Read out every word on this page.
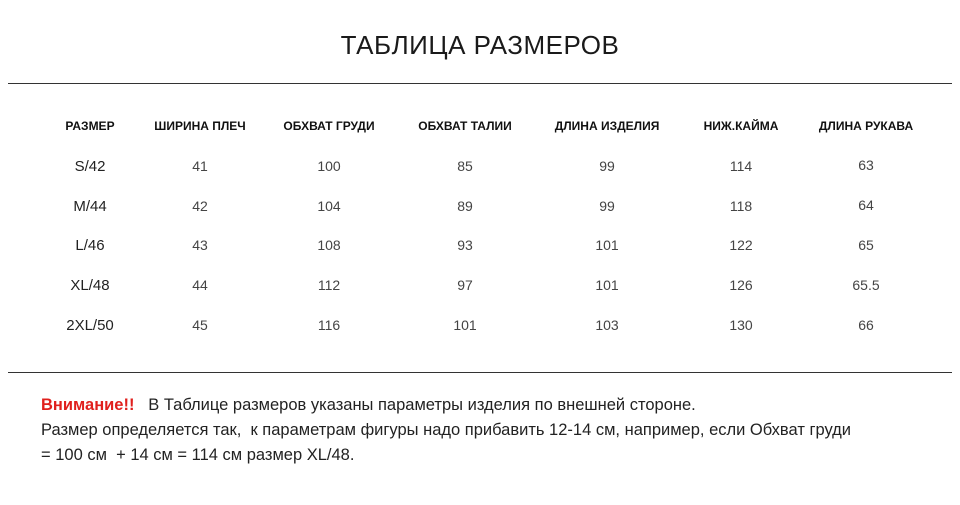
ТАБЛИЦА РАЗМЕРОВ
РАЗМЕР	ШИРИНА ПЛЕЧ	ОБХВАТ ГРУДИ	ОБХВАТ ТАЛИИ	ДЛИНА ИЗДЕЛИЯ	НИЖ.КАЙМА	ДЛИНА РУКАВА
S/42	41	100	85	99	114	63
M/44	42	104	89	99	118	64
L/46	43	108	93	101	122	65
XL/48	44	112	97	101	126	65.5
2XL/50	45	116	101	103	130	66
Внимание!! В Таблице размеров указаны параметры изделия по внешней стороне.
Размер определяется так,  к параметрам фигуры надо прибавить 12-14 см, например, если Обхват груди
= 100 см  + 14 см = 114 см размер XL/48.
